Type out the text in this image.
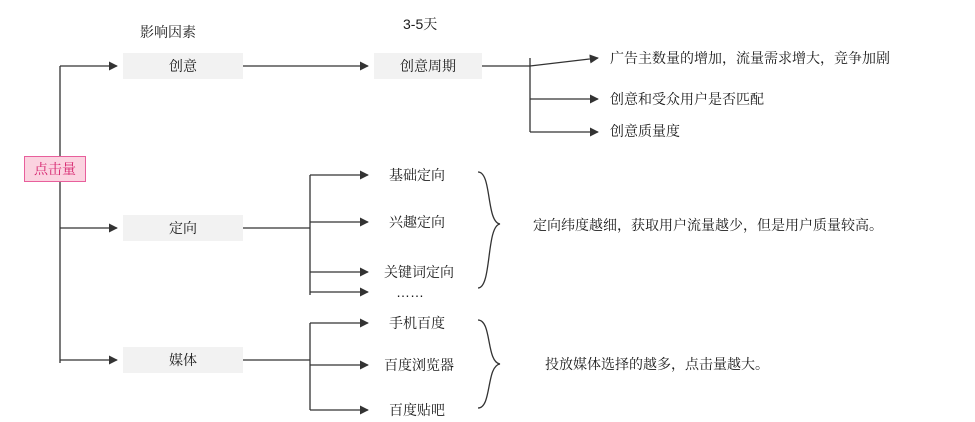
影响因素	3-5天
点击量
创意
定向
媒体
创意周期
基础定向
兴趣定向
关键词定向
……
手机百度
百度浏览器
百度贴吧
广告主数量的增加，流量需求增大，竞争加剧
创意和受众用户是否匹配
创意质量度
定向纬度越细，获取用户流量越少，但是用户质量较高。
投放媒体选择的越多，点击量越大。
